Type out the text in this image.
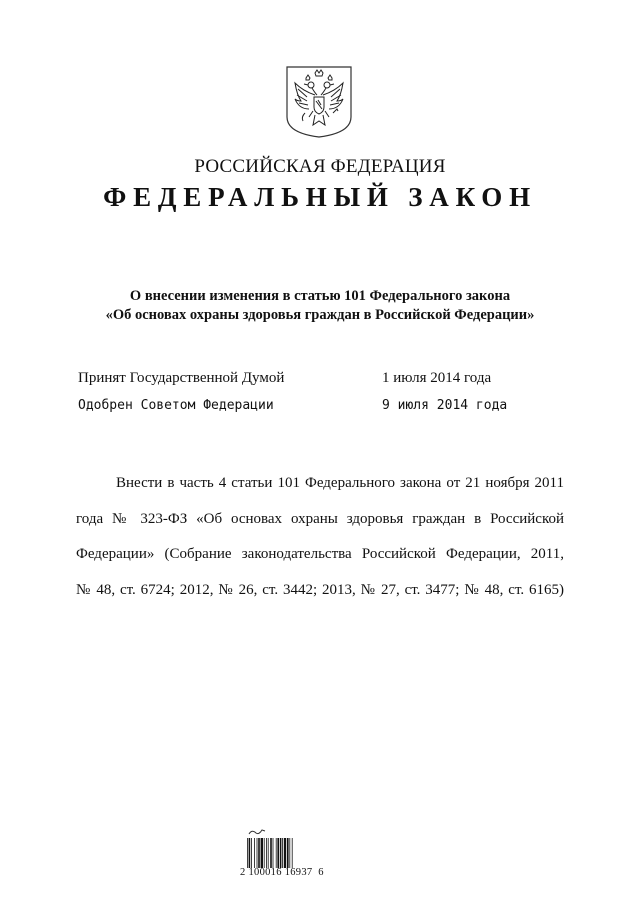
РОССИЙСКАЯ ФЕДЕРАЦИЯ
ФЕДЕРАЛЬНЫЙ ЗАКОН
О внесении изменения в статью 101 Федерального закона
«Об основах охраны здоровья граждан в Российской Федерации»
Принят Государственной Думой	1 июля 2014 года
Одобрен Советом Федерации	9 июля 2014 года
Внести в часть 4 статьи 101 Федерального закона от 21 ноября 2011
года № 323-ФЗ «Об основах охраны здоровья граждан в Российской
Федерации» (Собрание законодательства Российской Федерации, 2011,
№ 48, ст. 6724; 2012, № 26, ст. 3442; 2013, № 27, ст. 3477; № 48, ст. 6165)
2 100016 16937  6
